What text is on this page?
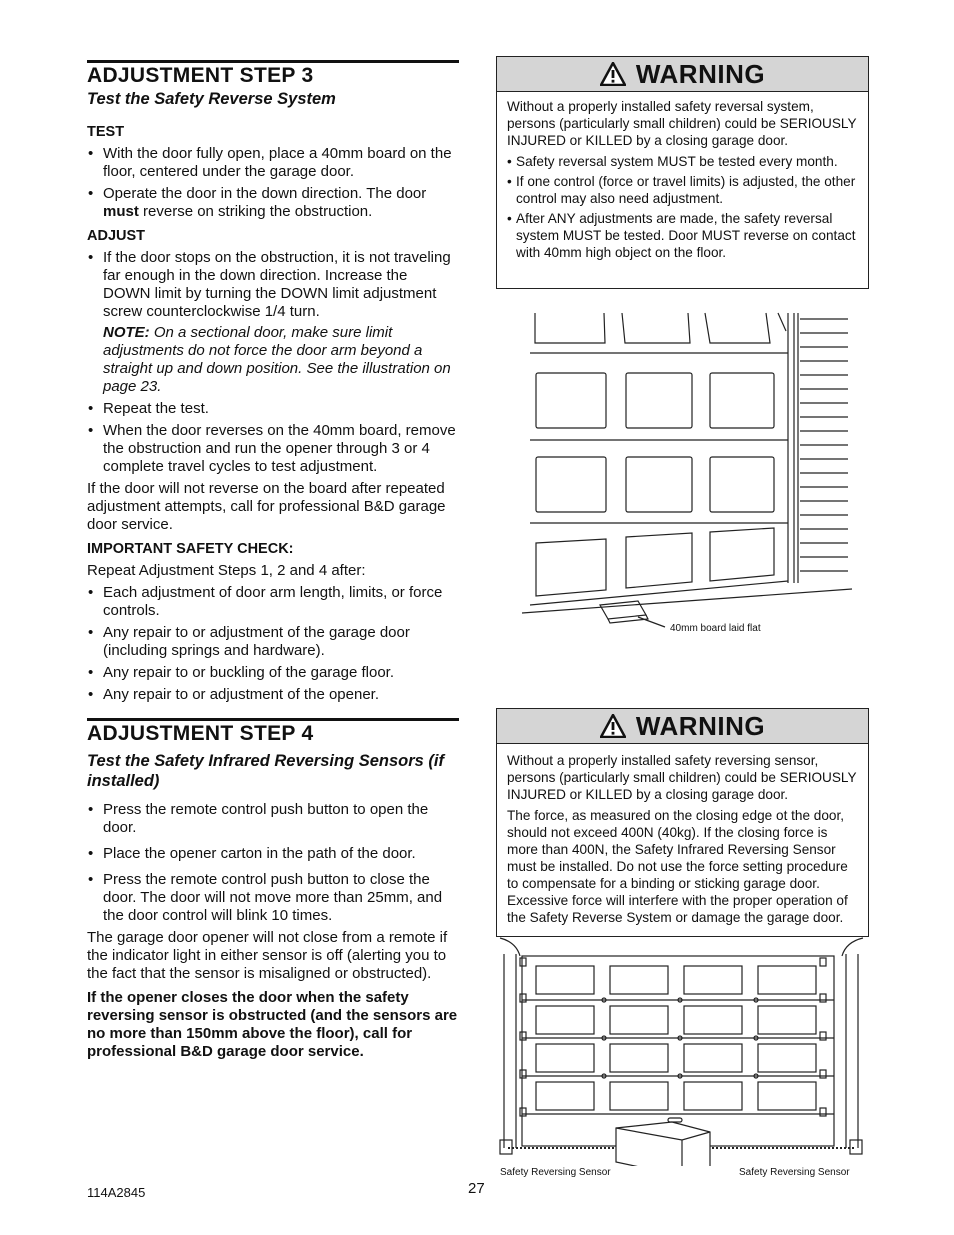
ADJUSTMENT STEP 3
Test the Safety Reverse System
TEST
• With the door fully open, place a 40mm board on the floor, centered under the garage door.
• Operate the door in the down direction. The door must reverse on striking the obstruction.
ADJUST
• If the door stops on the obstruction, it is not traveling far enough in the down direction. Increase the DOWN limit by turning the DOWN limit adjustment screw counterclockwise 1/4 turn.
NOTE: On a sectional door, make sure limit adjustments do not force the door arm beyond a straight up and down position. See the illustration on page 23.
• Repeat the test.
• When the door reverses on the 40mm board, remove the obstruction and run the opener through 3 or 4 complete travel cycles to test adjustment.

If the door will not reverse on the board after repeated adjustment attempts, call for professional B&D garage door service.

IMPORTANT SAFETY CHECK:

Repeat Adjustment Steps 1, 2 and 4 after:

• Each adjustment of door arm length, limits, or force controls.
• Any repair to or adjustment of the garage door (including springs and hardware).
• Any repair to or buckling of the garage floor.
• Any repair to or adjustment of the opener.
ADJUSTMENT STEP 4
Test the Safety Infrared Reversing Sensors (if installed)
• Press the remote control push button to open the door.
• Place the opener carton in the path of the door.
• Press the remote control push button to close the door. The door will not move more than 25mm, and the door control will blink 10 times.

The garage door opener will not close from a remote if the indicator light in either sensor is off (alerting you to the fact that the sensor is misaligned or obstructed).

If the opener closes the door when the safety reversing sensor is obstructed (and the sensors are no more than 150mm above the floor), call for professional B&D garage door service.

WARNING

Without a properly installed safety reversal system, persons (particularly small children) could be SERIOUSLY INJURED or KILLED by a closing garage door.

• Safety reversal system MUST be tested every month.
• If one control (force or travel limits) is adjusted, the other control may also need adjustment.
• After ANY adjustments are made, the safety reversal system MUST be tested. Door MUST reverse on contact with 40mm high object on the floor.
40mm board laid flat
WARNING

Without a properly installed safety reversing sensor, persons (particularly small children) could be SERIOUSLY INJURED or KILLED by a closing garage door.

The force, as measured on the closing edge ot the door, should not exceed 400N (40kg). If the closing force is more than 400N, the Safety Infrared Reversing Sensor must be installed. Do not use the force setting procedure to compensate for a binding or sticking garage door. Excessive force will interfere with the proper operation of the Safety Reverse System or damage the garage door.

Safety Reversing Sensor	Safety Reversing Sensor
114A2845	27
